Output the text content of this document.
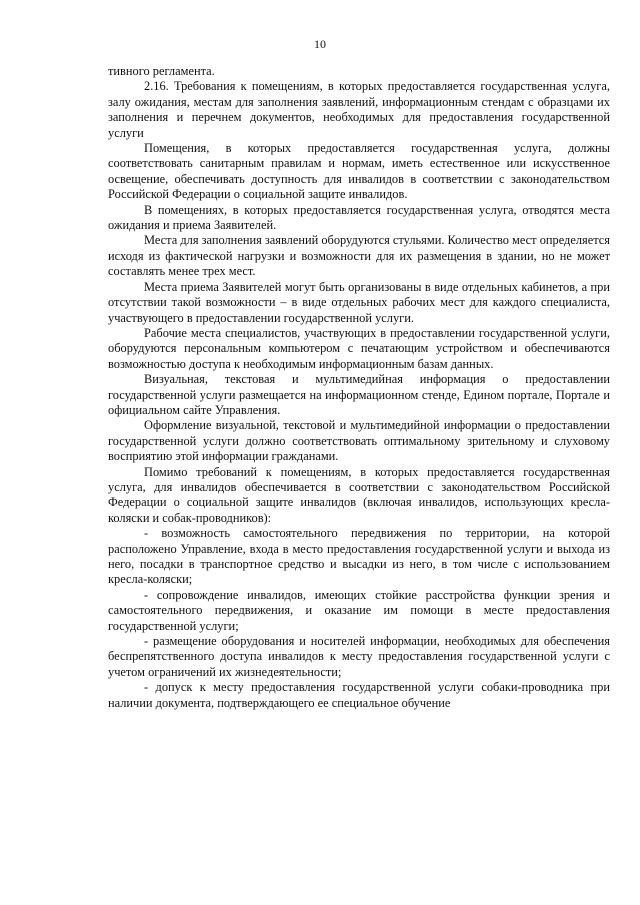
10

тивного регламента.

2.16. Требования к помещениям, в которых предоставляется государственная услуга, залу ожидания, местам для заполнения заявлений, информационным стендам с образцами их заполнения и перечнем документов, необходимых для предоставления государственной услуги

Помещения, в которых предоставляется государственная услуга, должны соответствовать санитарным правилам и нормам, иметь естественное или искусственное освещение, обеспечивать доступность для инвалидов в соответствии с законодательством Российской Федерации о социальной защите инвалидов.

В помещениях, в которых предоставляется государственная услуга, отводятся места ожидания и приема Заявителей.

Места для заполнения заявлений оборудуются стульями. Количество мест определяется исходя из фактической нагрузки и возможности для их размещения в здании, но не может составлять менее трех мест.

Места приема Заявителей могут быть организованы в виде отдельных кабинетов, а при отсутствии такой возможности – в виде отдельных рабочих мест для каждого специалиста, участвующего в предоставлении государственной услуги.

Рабочие места специалистов, участвующих в предоставлении государственной услуги, оборудуются персональным компьютером с печатающим устройством и обеспечиваются возможностью доступа к необходимым информационным базам данных.

Визуальная, текстовая и мультимедийная информация о предоставлении государственной услуги размещается на информационном стенде, Едином портале, Портале и официальном сайте Управления.

Оформление визуальной, текстовой и мультимедийной информации о предоставлении государственной услуги должно соответствовать оптимальному зрительному и слуховому восприятию этой информации гражданами.

Помимо требований к помещениям, в которых предоставляется государственная услуга, для инвалидов обеспечивается в соответствии с законодательством Российской Федерации о социальной защите инвалидов (включая инвалидов, использующих кресла-коляски и собак-проводников):

- возможность самостоятельного передвижения по территории, на которой расположено Управление, входа в место предоставления государственной услуги и выхода из него, посадки в транспортное средство и высадки из него, в том числе с использованием кресла-коляски;

- сопровождение инвалидов, имеющих стойкие расстройства функции зрения и самостоятельного передвижения, и оказание им помощи в месте предоставления государственной услуги;

- размещение оборудования и носителей информации, необходимых для обеспечения беспрепятственного доступа инвалидов к месту предоставления государственной услуги с учетом ограничений их жизнедеятельности;

- допуск к месту предоставления государственной услуги собаки-проводника при наличии документа, подтверждающего ее специальное обучение
